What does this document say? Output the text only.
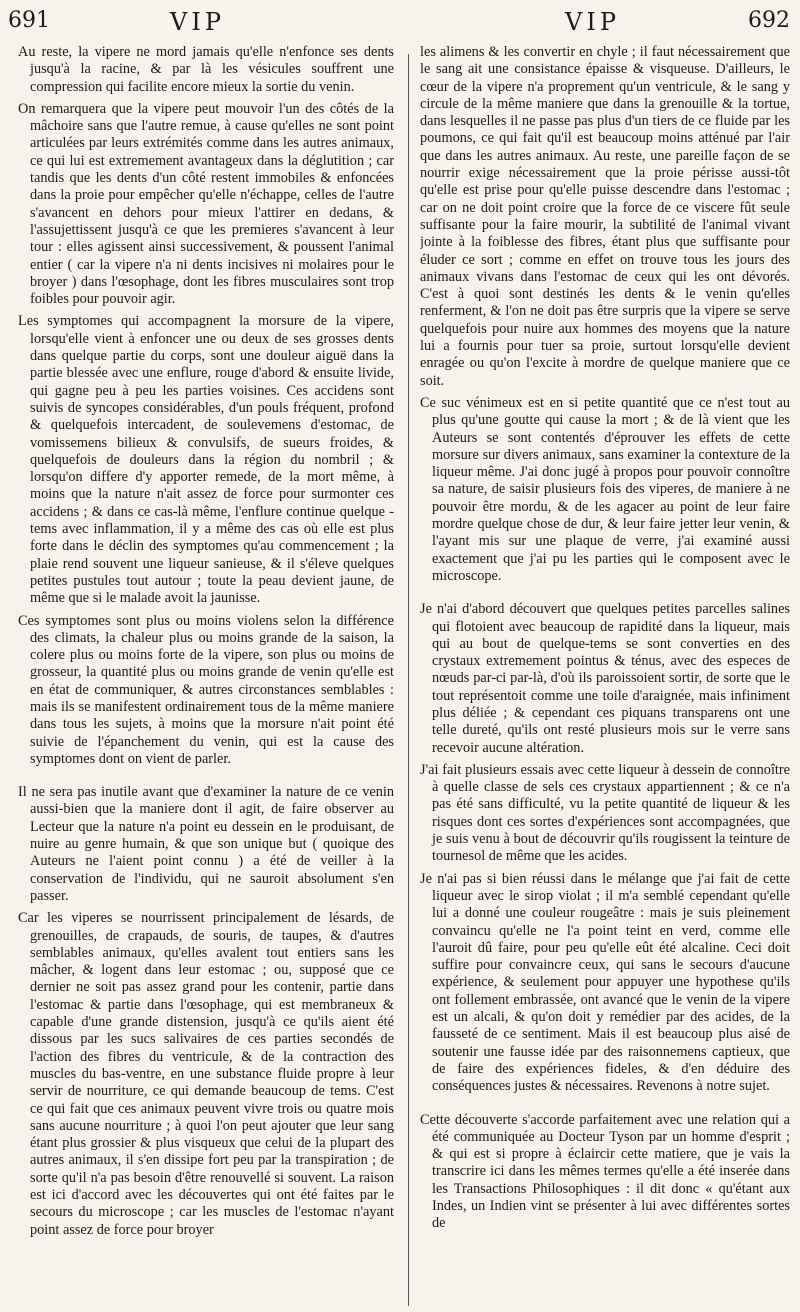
691	VIP	VIP	692

Au reste, la vipere ne mord jamais qu'elle n'enfonce ses dents jusqu'à la racine, & par là les vésicules souffrent une compression qui facilite encore mieux la sortie du venin.

On remarquera que la vipere peut mouvoir l'un des côtés de la mâchoire sans que l'autre remue, à cause qu'elles ne sont point articulées par leurs extrémités comme dans les autres animaux, ce qui lui est extremement avantageux dans la déglutition ; car tandis que les dents d'un côté restent immobiles & enfoncées dans la proie pour empêcher qu'elle n'échappe, celles de l'autre s'avancent en dehors pour mieux l'attirer en dedans, & l'assujettissent jusqu'à ce que les premieres s'avancent à leur tour : elles agissent ainsi successivement, & poussent l'animal entier ( car la vipere n'a ni dents incisives ni molaires pour le broyer ) dans l'œsophage, dont les fibres musculaires sont trop foibles pour pouvoir agir.

Les symptomes qui accompagnent la morsure de la vipere, lorsqu'elle vient à enfoncer une ou deux de ses grosses dents dans quelque partie du corps, sont une douleur aiguë dans la partie blessée avec une enflure, rouge d'abord & ensuite livide, qui gagne peu à peu les parties voisines. Ces accidens sont suivis de syncopes considérables, d'un pouls fréquent, profond & quelquefois intercadent, de soulevemens d'estomac, de vomissemens bilieux & convulsifs, de sueurs froides, & quelquefois de douleurs dans la région du nombril ; & lorsqu'on differe d'y apporter remede, de la mort même, à moins que la nature n'ait assez de force pour surmonter ces accidens ; & dans ce cas-là même, l'enflure continue quelque - tems avec inflammation, il y a même des cas où elle est plus forte dans le déclin des symptomes qu'au commencement ; la plaie rend souvent une liqueur sanieuse, & il s'éleve quelques petites pustules tout autour ; toute la peau devient jaune, de même que si le malade avoit la jaunisse.

Ces symptomes sont plus ou moins violens selon la différence des climats, la chaleur plus ou moins grande de la saison, la colere plus ou moins forte de la vipere, son plus ou moins de grosseur, la quantité plus ou moins grande de venin qu'elle est en état de communiquer, & autres circonstances semblables : mais ils se manifestent ordinairement tous de la même maniere dans tous les sujets, à moins que la morsure n'ait point été suivie de l'épanchement du venin, qui est la cause des symptomes dont on vient de parler.

Il ne sera pas inutile avant que d'examiner la nature de ce venin aussi-bien que la maniere dont il agit, de faire observer au Lecteur que la nature n'a point eu dessein en le produisant, de nuire au genre humain, & que son unique but ( quoique des Auteurs ne l'aient point connu ) a été de veiller à la conservation de l'individu, qui ne sauroit absolument s'en passer.

Car les viperes se nourrissent principalement de lésards, de grenouilles, de crapauds, de souris, de taupes, & d'autres semblables animaux, qu'elles avalent tout entiers sans les mâcher, & logent dans leur estomac ; ou, supposé que ce dernier ne soit pas assez grand pour les contenir, partie dans l'estomac & partie dans l'œsophage, qui est membraneux & capable d'une grande distension, jusqu'à ce qu'ils aient été dissous par les sucs salivaires de ces parties secondés de l'action des fibres du ventricule, & de la contraction des muscles du bas-ventre, en une substance fluide propre à leur servir de nourriture, ce qui demande beaucoup de tems. C'est ce qui fait que ces animaux peuvent vivre trois ou quatre mois sans aucune nourriture ; à quoi l'on peut ajouter que leur sang étant plus grossier & plus visqueux que celui de la plupart des autres animaux, il s'en dissipe fort peu par la transpiration ; de sorte qu'il n'a pas besoin d'être renouvellé si souvent. La raison est ici d'accord avec les découvertes qui ont été faites par le secours du microscope ; car les muscles de l'estomac n'ayant point assez de force pour broyer

les alimens & les convertir en chyle ; il faut nécessairement que le sang ait une consistance épaisse & visqueuse. D'ailleurs, le cœur de la vipere n'a proprement qu'un ventricule, & le sang y circule de la même maniere que dans la grenouille & la tortue, dans lesquelles il ne passe pas plus d'un tiers de ce fluide par les poumons, ce qui fait qu'il est beaucoup moins atténué par l'air que dans les autres animaux. Au reste, une pareille façon de se nourrir exige nécessairement que la proie périsse aussi-tôt qu'elle est prise pour qu'elle puisse descendre dans l'estomac ; car on ne doit point croire que la force de ce viscere fût seule suffisante pour la faire mourir, la subtilité de l'animal vivant jointe à la foiblesse des fibres, étant plus que suffisante pour éluder ce sort ; comme en effet on trouve tous les jours des animaux vivans dans l'estomac de ceux qui les ont dévorés. C'est à quoi sont destinés les dents & le venin qu'elles renferment, & l'on ne doit pas être surpris que la vipere se serve quelquefois pour nuire aux hommes des moyens que la nature lui a fournis pour tuer sa proie, surtout lorsqu'elle devient enragée ou qu'on l'excite à mordre de quelque maniere que ce soit.

Ce suc vénimeux est en si petite quantité que ce n'est tout au plus qu'une goutte qui cause la mort ; & de là vient que les Auteurs se sont contentés d'éprouver les effets de cette morsure sur divers animaux, sans examiner la contexture de la liqueur même. J'ai donc jugé à propos pour pouvoir connoître sa nature, de saisir plusieurs fois des viperes, de maniere à ne pouvoir être mordu, & de les agacer au point de leur faire mordre quelque chose de dur, & leur faire jetter leur venin, & l'ayant mis sur une plaque de verre, j'ai examiné aussi exactement que j'ai pu les parties qui le composent avec le microscope.

Je n'ai d'abord découvert que quelques petites parcelles salines qui flotoient avec beaucoup de rapidité dans la liqueur, mais qui au bout de quelque-tems se sont converties en des crystaux extremement pointus & ténus, avec des especes de nœuds par-ci par-là, d'où ils paroissoient sortir, de sorte que le tout représentoit comme une toile d'araignée, mais infiniment plus déliée ; & cependant ces piquans transparens ont une telle dureté, qu'ils ont resté plusieurs mois sur le verre sans recevoir aucune altération.

J'ai fait plusieurs essais avec cette liqueur à dessein de connoître à quelle classe de sels ces crystaux appartiennent ; & ce n'a pas été sans difficulté, vu la petite quantité de liqueur & les risques dont ces sortes d'expériences sont accompagnées, que je suis venu à bout de découvrir qu'ils rougissent la teinture de tournesol de même que les acides.

Je n'ai pas si bien réussi dans le mélange que j'ai fait de cette liqueur avec le sirop violat ; il m'a semblé cependant qu'elle lui a donné une couleur rougeâtre : mais je suis pleinement convaincu qu'elle ne l'a point teint en verd, comme elle l'auroit dû faire, pour peu qu'elle eût été alcaline. Ceci doit suffire pour convaincre ceux, qui sans le secours d'aucune expérience, & seulement pour appuyer une hypothese qu'ils ont follement embrassée, ont avancé que le venin de la vipere est un alcali, & qu'on doit y remédier par des acides, de la fausseté de ce sentiment. Mais il est beaucoup plus aisé de soutenir une fausse idée par des raisonnemens captieux, que de faire des expériences fideles, & d'en déduire des conséquences justes & nécessaires. Revenons à notre sujet.

Cette découverte s'accorde parfaitement avec une relation qui a été communiquée au Docteur Tyson par un homme d'esprit ; & qui est si propre à éclaircir cette matiere, que je vais la transcrire ici dans les mêmes termes qu'elle a été inserée dans les Transactions Philosophiques : il dit donc « qu'étant aux Indes, un Indien vint se présenter à lui avec différentes sortes de
